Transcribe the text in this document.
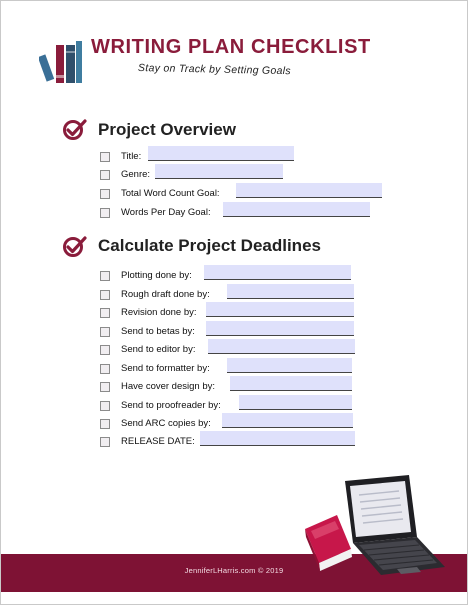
WRITING PLAN CHECKLIST
Stay on Track by Setting Goals
Project Overview
Title:
Genre:
Total Word Count Goal:
Words Per Day Goal:
Calculate Project Deadlines
Plotting done by:
Rough draft done by:
Revision done by:
Send to betas by:
Send to editor by:
Send to formatter by:
Have cover design by:
Send to proofreader by:
Send ARC copies by:
RELEASE DATE:
JenniferLHarris.com © 2019
